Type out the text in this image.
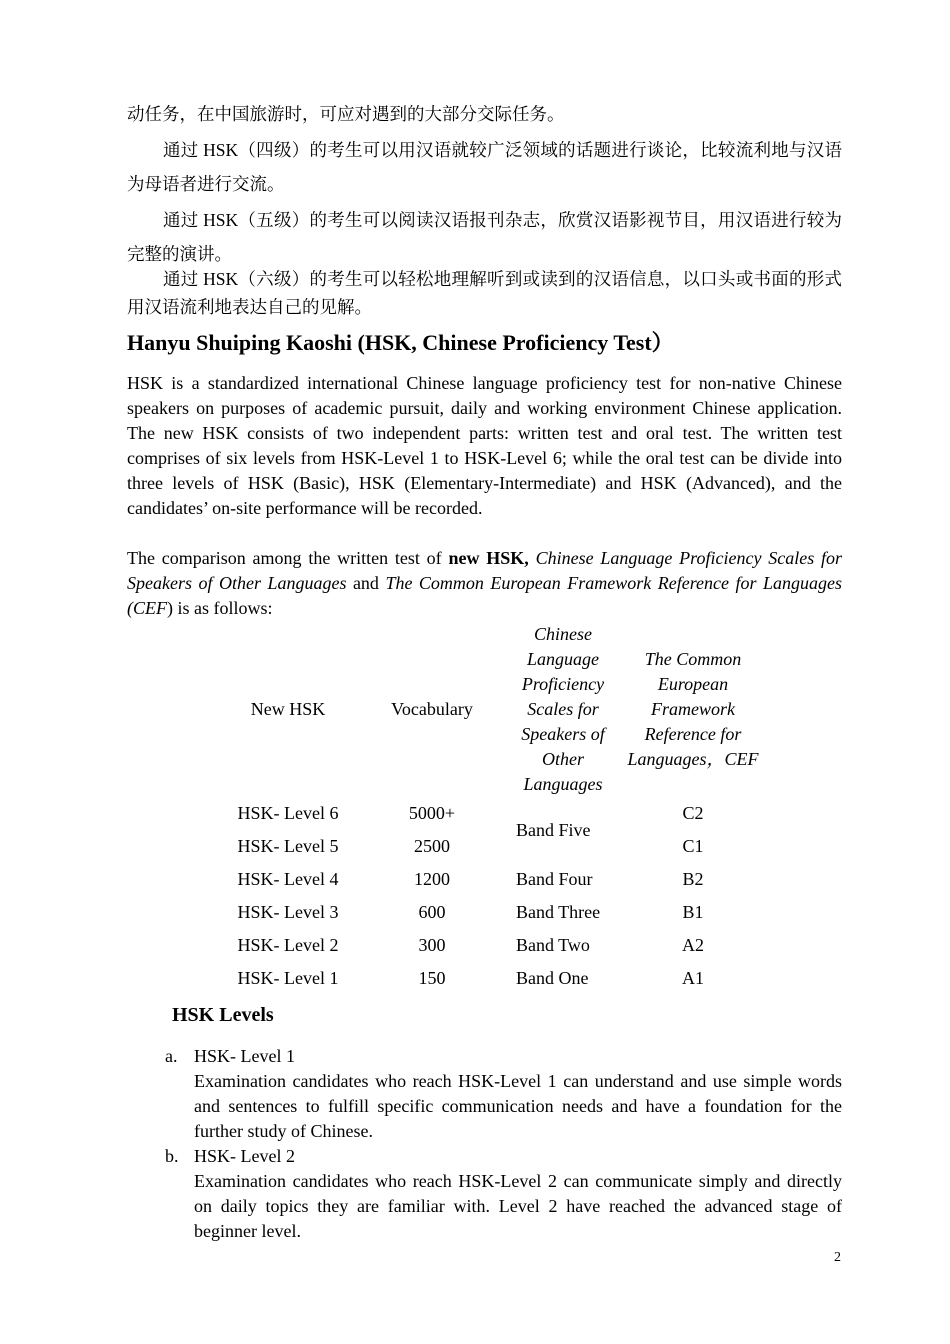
动任务，在中国旅游时，可应对遇到的大部分交际任务。
通过 HSK（四级）的考生可以用汉语就较广泛领域的话题进行谈论，比较流利地与汉语为母语者进行交流。
通过 HSK（五级）的考生可以阅读汉语报刊杂志，欣赏汉语影视节目，用汉语进行较为完整的演讲。
通过 HSK（六级）的考生可以轻松地理解听到或读到的汉语信息，以口头或书面的形式用汉语流利地表达自己的见解。
Hanyu Shuiping Kaoshi (HSK, Chinese Proficiency Test）
HSK is a standardized international Chinese language proficiency test for non-native Chinese speakers on purposes of academic pursuit, daily and working environment Chinese application. The new HSK consists of two independent parts: written test and oral test. The written test comprises of six levels from HSK-Level 1 to HSK-Level 6; while the oral test can be divide into three levels of HSK (Basic), HSK (Elementary-Intermediate) and HSK (Advanced), and the candidates’ on-site performance will be recorded.
The comparison among the written test of new HSK, Chinese Language Proficiency Scales for Speakers of Other Languages and The Common European Framework Reference for Languages (CEF) is as follows:
New HSK	Vocabulary	Chinese Language Proficiency Scales for Speakers of Other Languages	The Common European Framework Reference for Languages，CEF
HSK- Level 6	5000+	Band Five	C2
HSK- Level 5	2500		C1
HSK- Level 4	1200	Band Four	B2
HSK- Level 3	600	Band Three	B1
HSK- Level 2	300	Band Two	A2
HSK- Level 1	150	Band One	A1
HSK Levels
a. HSK- Level 1
Examination candidates who reach HSK-Level 1 can understand and use simple words and sentences to fulfill specific communication needs and have a foundation for the further study of Chinese.
b. HSK- Level 2
Examination candidates who reach HSK-Level 2 can communicate simply and directly on daily topics they are familiar with. Level 2 have reached the advanced stage of beginner level.
2
